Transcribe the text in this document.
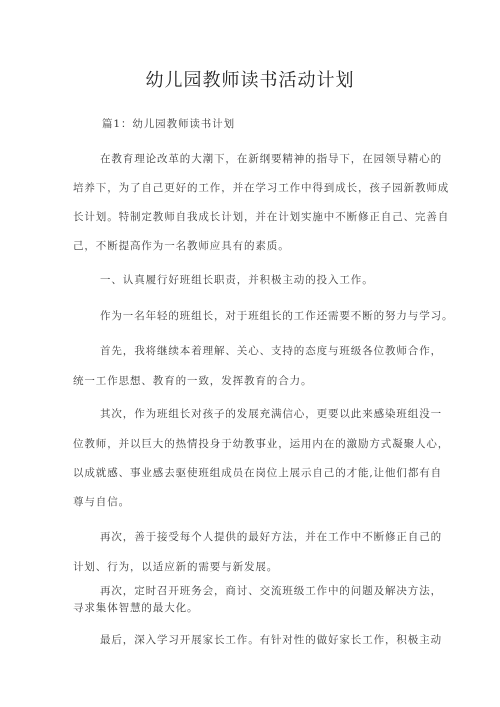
幼儿园教师读书活动计划
篇1：幼儿园教师读书计划
在教育理论改革的大潮下，在新纲要精神的指导下，在园领导精心的
培养下，为了自己更好的工作，并在学习工作中得到成长，孩子园新教师成
长计划。特制定教师自我成长计划，并在计划实施中不断修正自己、完善自
己，不断提高作为一名教师应具有的素质。
一、认真履行好班组长职责，并积极主动的投入工作。
作为一名年轻的班组长，对于班组长的工作还需要不断的努力与学习。
首先，我将继续本着理解、关心、支持的态度与班级各位教师合作，
统一工作思想、教育的一致，发挥教育的合力。
其次，作为班组长对孩子的发展充满信心，更要以此来感染班组没一
位教师，并以巨大的热情投身于幼教事业，运用内在的激励方式凝聚人心，
以成就感、事业感去驱使班组成员在岗位上展示自己的才能,让他们都有自
尊与自信。
再次，善于接受每个人提供的最好方法，并在工作中不断修正自己的
计划、行为，以适应新的需要与新发展。
再次，定时召开班务会，商讨、交流班级工作中的问题及解决方法，
寻求集体智慧的最大化。
最后，深入学习开展家长工作。有针对性的做好家长工作，积极主动
